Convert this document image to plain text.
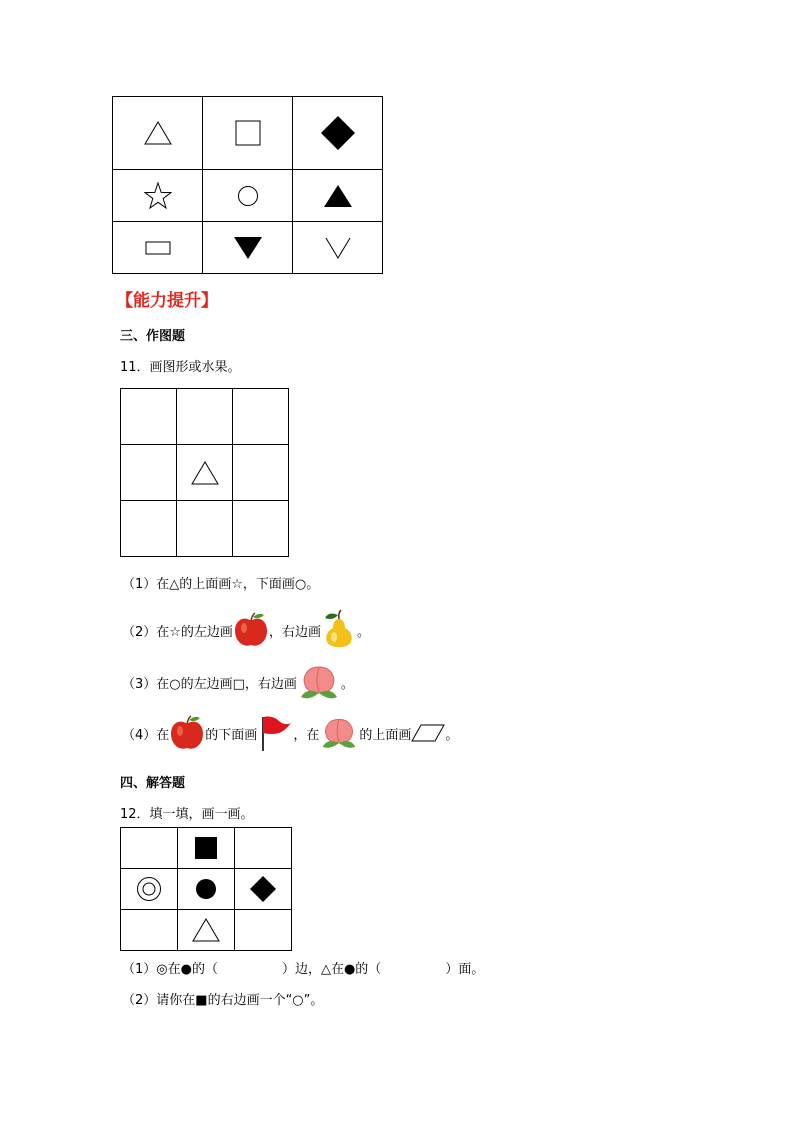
【能力提升】
三、作图题
11．画图形或水果。

（1） 在△的上面画☆，下面画○。
（2） 在☆的左边画	，右边画	。
（3） 在○的左边画□，右边画	。
（4） 在	的下面画	，在	的上面画	。
四、解答题
12．填一填，画一画。

（1） ◎在●的（	）边，△在●的（	）面。
（2） 请你在■的右边画一个“○”。
